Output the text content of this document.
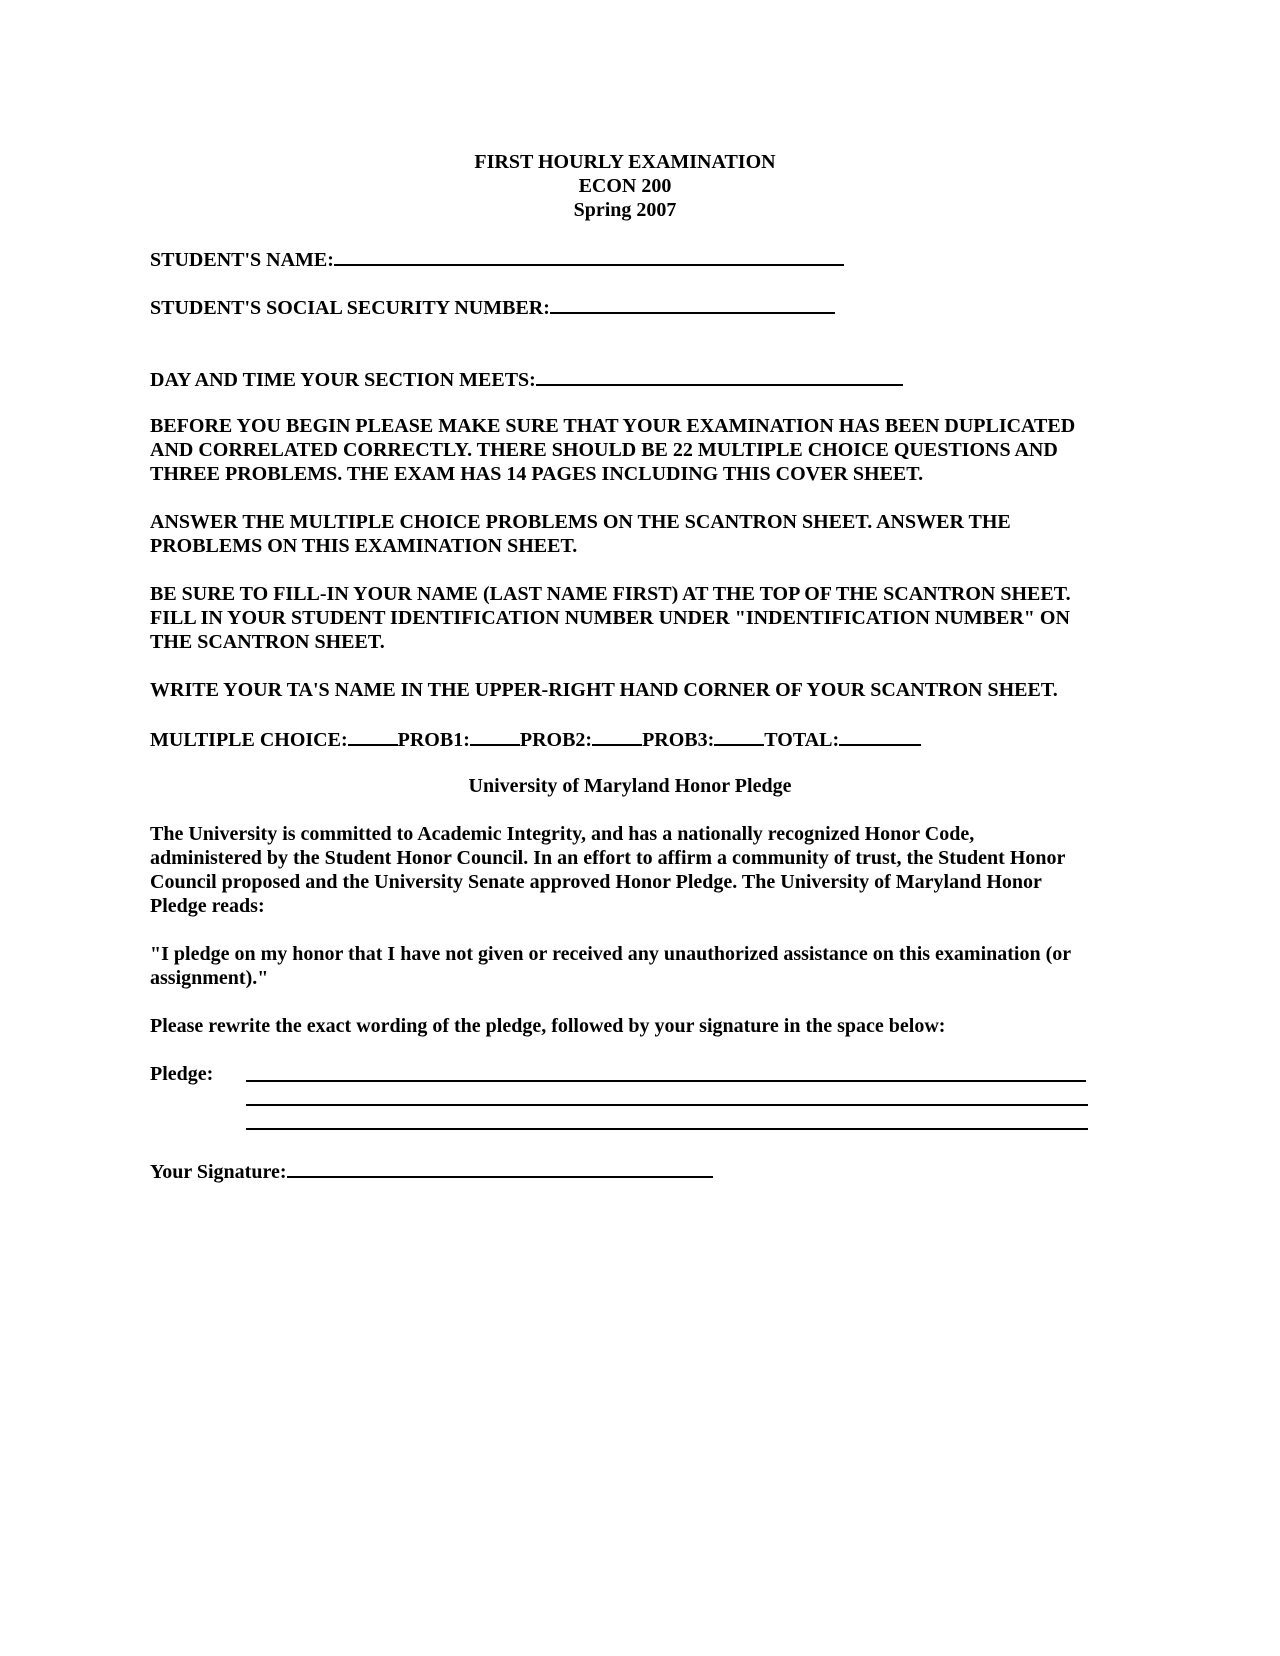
FIRST HOURLY EXAMINATION
ECON 200
Spring 2007
STUDENT'S NAME:
STUDENT'S SOCIAL SECURITY NUMBER:
DAY AND TIME YOUR SECTION MEETS:
BEFORE YOU BEGIN PLEASE MAKE SURE THAT YOUR EXAMINATION HAS BEEN DUPLICATED
AND CORRELATED CORRECTLY. THERE SHOULD BE 22 MULTIPLE CHOICE QUESTIONS AND
THREE PROBLEMS. THE EXAM HAS 14 PAGES INCLUDING THIS COVER SHEET.
ANSWER THE MULTIPLE CHOICE PROBLEMS ON THE SCANTRON SHEET. ANSWER THE
PROBLEMS ON THIS EXAMINATION SHEET.
BE SURE TO FILL-IN YOUR NAME (LAST NAME FIRST) AT THE TOP OF THE SCANTRON SHEET.
FILL IN YOUR STUDENT IDENTIFICATION NUMBER UNDER "INDENTIFICATION NUMBER" ON
THE SCANTRON SHEET.
WRITE YOUR TA'S NAME IN THE UPPER-RIGHT HAND CORNER OF YOUR SCANTRON SHEET.
MULTIPLE CHOICE:	PROB1:	PROB2:	PROB3:	TOTAL:
University of Maryland Honor Pledge
The University is committed to Academic Integrity, and has a nationally recognized Honor Code,
administered by the Student Honor Council. In an effort to affirm a community of trust, the Student Honor
Council proposed and the University Senate approved Honor Pledge. The University of Maryland Honor
Pledge reads:
"I pledge on my honor that I have not given or received any unauthorized assistance on this examination (or
assignment)."
Please rewrite the exact wording of the pledge, followed by your signature in the space below:
Pledge:
Your Signature:
